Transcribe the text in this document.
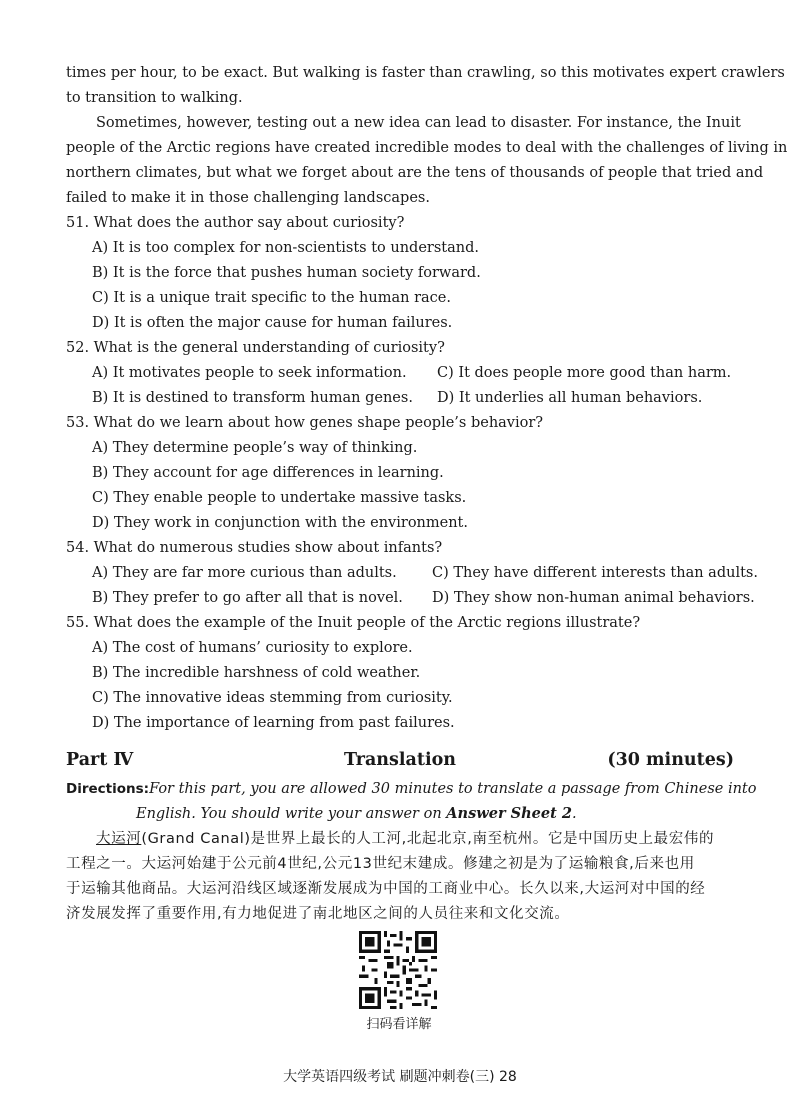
times per hour, to be exact. But walking is faster than crawling, so this motivates expert crawlers
to transition to walking.
Sometimes, however, testing out a new idea can lead to disaster. For instance, the Inuit
people of the Arctic regions have created incredible modes to deal with the challenges of living in
northern climates, but what we forget about are the tens of thousands of people that tried and
failed to make it in those challenging landscapes.
51. What does the author say about curiosity?
A) It is too complex for non-scientists to understand.
B) It is the force that pushes human society forward.
C) It is a unique trait specific to the human race.
D) It is often the major cause for human failures.
52. What is the general understanding of curiosity?
A) It motivates people to seek information. C) It does people more good than harm.
B) It is destined to transform human genes. D) It underlies all human behaviors.
53. What do we learn about how genes shape people’s behavior?
A) They determine people’s way of thinking.
B) They account for age differences in learning.
C) They enable people to undertake massive tasks.
D) They work in conjunction with the environment.
54. What do numerous studies show about infants?
A) They are far more curious than adults. C) They have different interests than adults.
B) They prefer to go after all that is novel. D) They show non-human animal behaviors.
55. What does the example of the Inuit people of the Arctic regions illustrate?
A) The cost of humans’ curiosity to explore.
B) The incredible harshness of cold weather.
C) The innovative ideas stemming from curiosity.
D) The importance of learning from past failures.
Part Ⅳ	Translation	(30 minutes)
Directions:For this part, you are allowed 30 minutes to translate a passage from Chinese into
English. You should write your answer on Answer Sheet 2.
大运河(Grand Canal)是世界上最长的人工河,北起北京,南至杭州。它是中国历史上最宏伟的
工程之一。大运河始建于公元前4世纪,公元13世纪末建成。修建之初是为了运输粮食,后来也用
于运输其他商品。大运河沿线区域逐渐发展成为中国的工商业中心。长久以来,大运河对中国的经
济发展发挥了重要作用,有力地促进了南北地区之间的人员往来和文化交流。
扫码看详解
大学英语四级考试 刷题冲刺卷(三) 28
